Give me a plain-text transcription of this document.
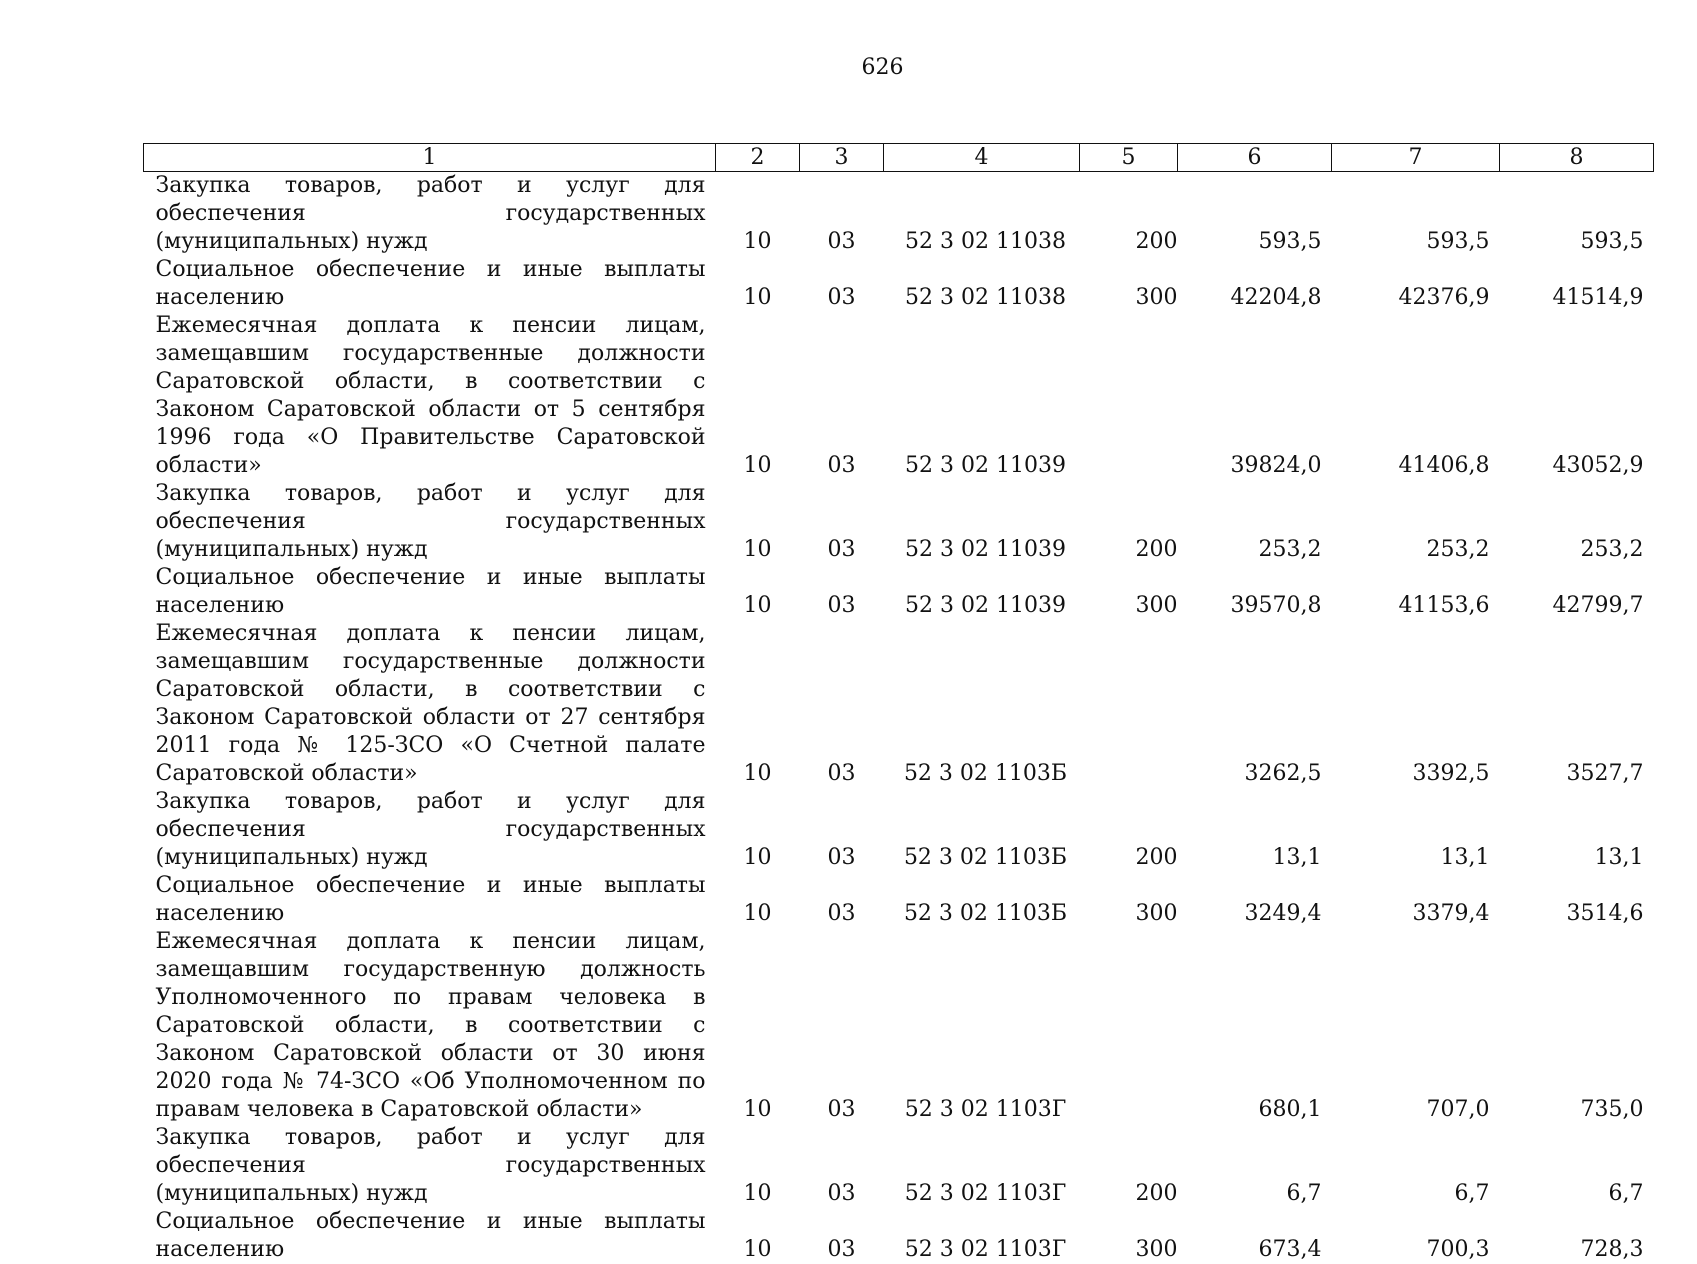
626
1	2	3	4	5	6	7	8
Закупка товаров, работ и услуг для обеспечения государственных (муниципальных) нужд	10	03	52 3 02 11038	200	593,5	593,5	593,5
Социальное обеспечение и иные выплаты населению	10	03	52 3 02 11038	300	42204,8	42376,9	41514,9
Ежемесячная доплата к пенсии лицам, замещавшим государственные должности Саратовской области, в соответствии с Законом Саратовской области от 5 сентября 1996 года «О Правительстве Саратовской области»	10	03	52 3 02 11039		39824,0	41406,8	43052,9
Закупка товаров, работ и услуг для обеспечения государственных (муниципальных) нужд	10	03	52 3 02 11039	200	253,2	253,2	253,2
Социальное обеспечение и иные выплаты населению	10	03	52 3 02 11039	300	39570,8	41153,6	42799,7
Ежемесячная доплата к пенсии лицам, замещавшим государственные должности Саратовской области, в соответствии с Законом Саратовской области от 27 сентября 2011 года № 125-ЗСО «О Счетной палате Саратовской области»	10	03	52 3 02 1103Б		3262,5	3392,5	3527,7
Закупка товаров, работ и услуг для обеспечения государственных (муниципальных) нужд	10	03	52 3 02 1103Б	200	13,1	13,1	13,1
Социальное обеспечение и иные выплаты населению	10	03	52 3 02 1103Б	300	3249,4	3379,4	3514,6
Ежемесячная доплата к пенсии лицам, замещавшим государственную должность Уполномоченного по правам человека в Саратовской области, в соответствии с Законом Саратовской области от 30 июня 2020 года № 74-ЗСО «Об Уполномоченном по правам человека в Саратовской области»	10	03	52 3 02 1103Г		680,1	707,0	735,0
Закупка товаров, работ и услуг для обеспечения государственных (муниципальных) нужд	10	03	52 3 02 1103Г	200	6,7	6,7	6,7
Социальное обеспечение и иные выплаты населению	10	03	52 3 02 1103Г	300	673,4	700,3	728,3
